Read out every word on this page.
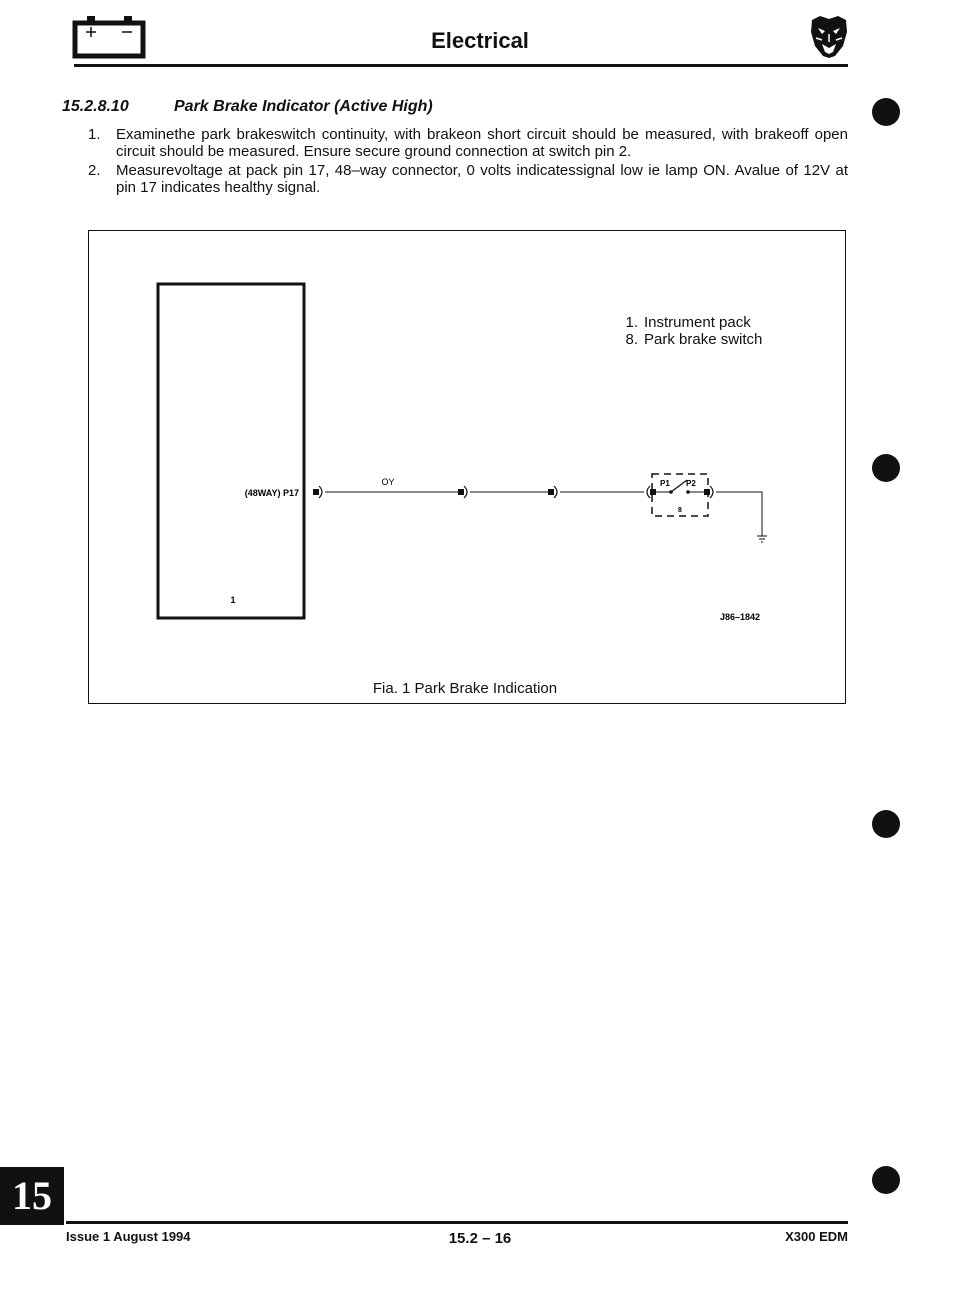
Electrical
15.2.8.10	Park Brake Indicator (Active High)
1.	Examinethe park brakeswitch continuity, with brakeon short circuit should be measured, with brakeoff open circuit should be measured. Ensure secure ground connection at switch pin 2.
2.	Measurevoltage at pack pin 17, 48–way connector, 0 volts indicatessignal low ie lamp ON. Avalue of 12V at pin 17 indicates healthy signal.
(48WAY) P17
1
OY	P1 P2
8
J86–1842
1. Instrument pack
8. Park brake switch
Fia. 1 Park Brake Indication
15
Issue 1 August 1994	15.2 – 16	X300 EDM
